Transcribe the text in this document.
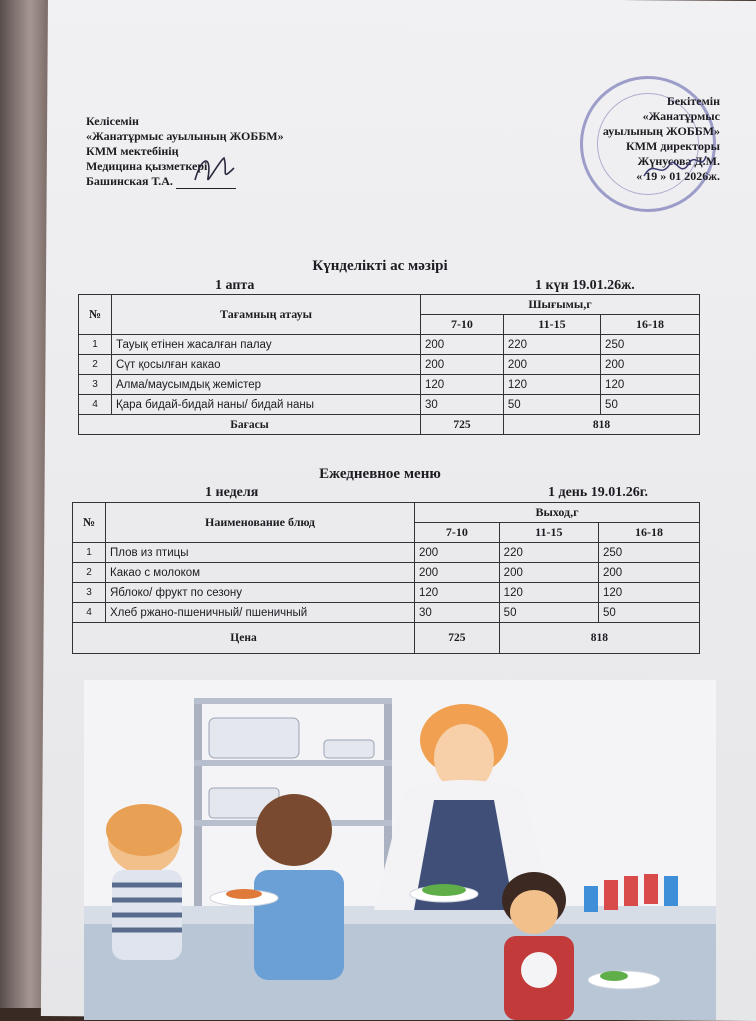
Келісемін
«Жанатұрмыс ауылының ЖОББМ»
КММ мектебінің
Медицина қызметкері
Башинская Т.А.
Бекітемін
«Жанатұрмыс
ауылының ЖОББМ»
КММ директоры
Жүнусова Д.М.
« 19 » 01 2026ж.
Күнделікті ас мәзірі
1 апта	1 күн 19.01.26ж.
№	Тағамның атауы	Шығымы,г		
		7-10	11-15	16-18
1	Тауық етінен жасалған палау	200	220	250
2	Сүт қосылған какао	200	200	200
3	Алма/маусымдық жемістер	120	120	120
4	Қара бидай-бидай наны/ бидай наны	30	50	50
Бағасы		725	818	
Ежедневное меню
1 неделя	1 день 19.01.26г.
№	Наименование блюд	Выход,г		
		7-10	11-15	16-18
1	Плов из птицы	200	220	250
2	Какао с молоком	200	200	200
3	Яблоко/ фрукт по сезону	120	120	120
4	Хлеб ржано-пшеничный/ пшеничный	30	50	50
Цена		725	818	
